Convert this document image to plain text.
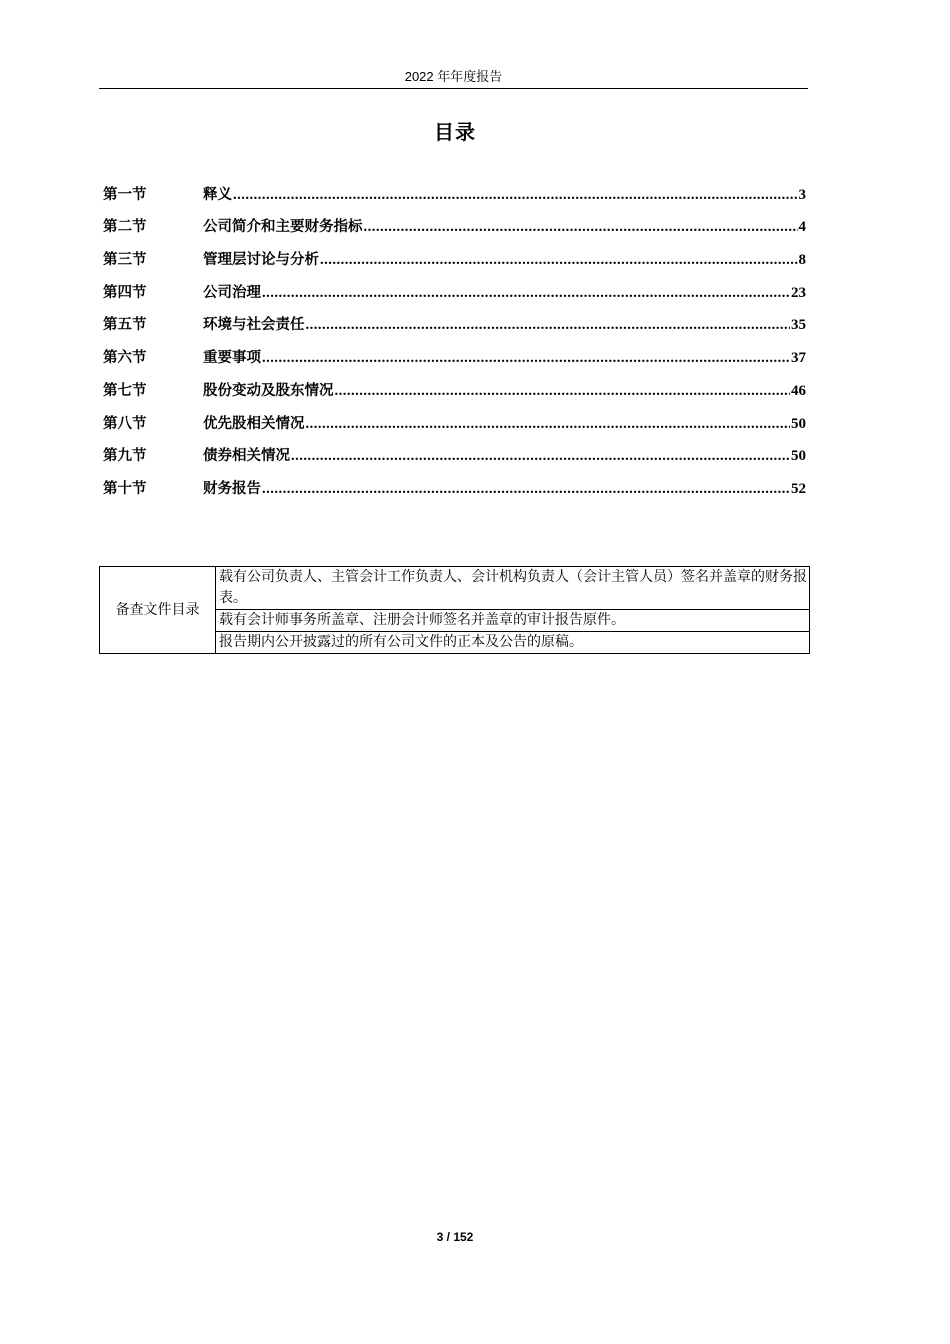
2022 年年度报告
目录
第一节	释义 .....	3
第二节	公司简介和主要财务指标 .....	4
第三节	管理层讨论与分析 .....	8
第四节	公司治理 .....	23
第五节	环境与社会责任 .....	35
第六节	重要事项 .....	37
第七节	股份变动及股东情况 .....	46
第八节	优先股相关情况 .....	50
第九节	债券相关情况 .....	50
第十节	财务报告 .....	52
备查文件目录	载有公司负责人、主管会计工作负责人、会计机构负责人（会计主管人员）签名并盖章的财务报表。
载有会计师事务所盖章、注册会计师签名并盖章的审计报告原件。
报告期内公开披露过的所有公司文件的正本及公告的原稿。
3 / 152
